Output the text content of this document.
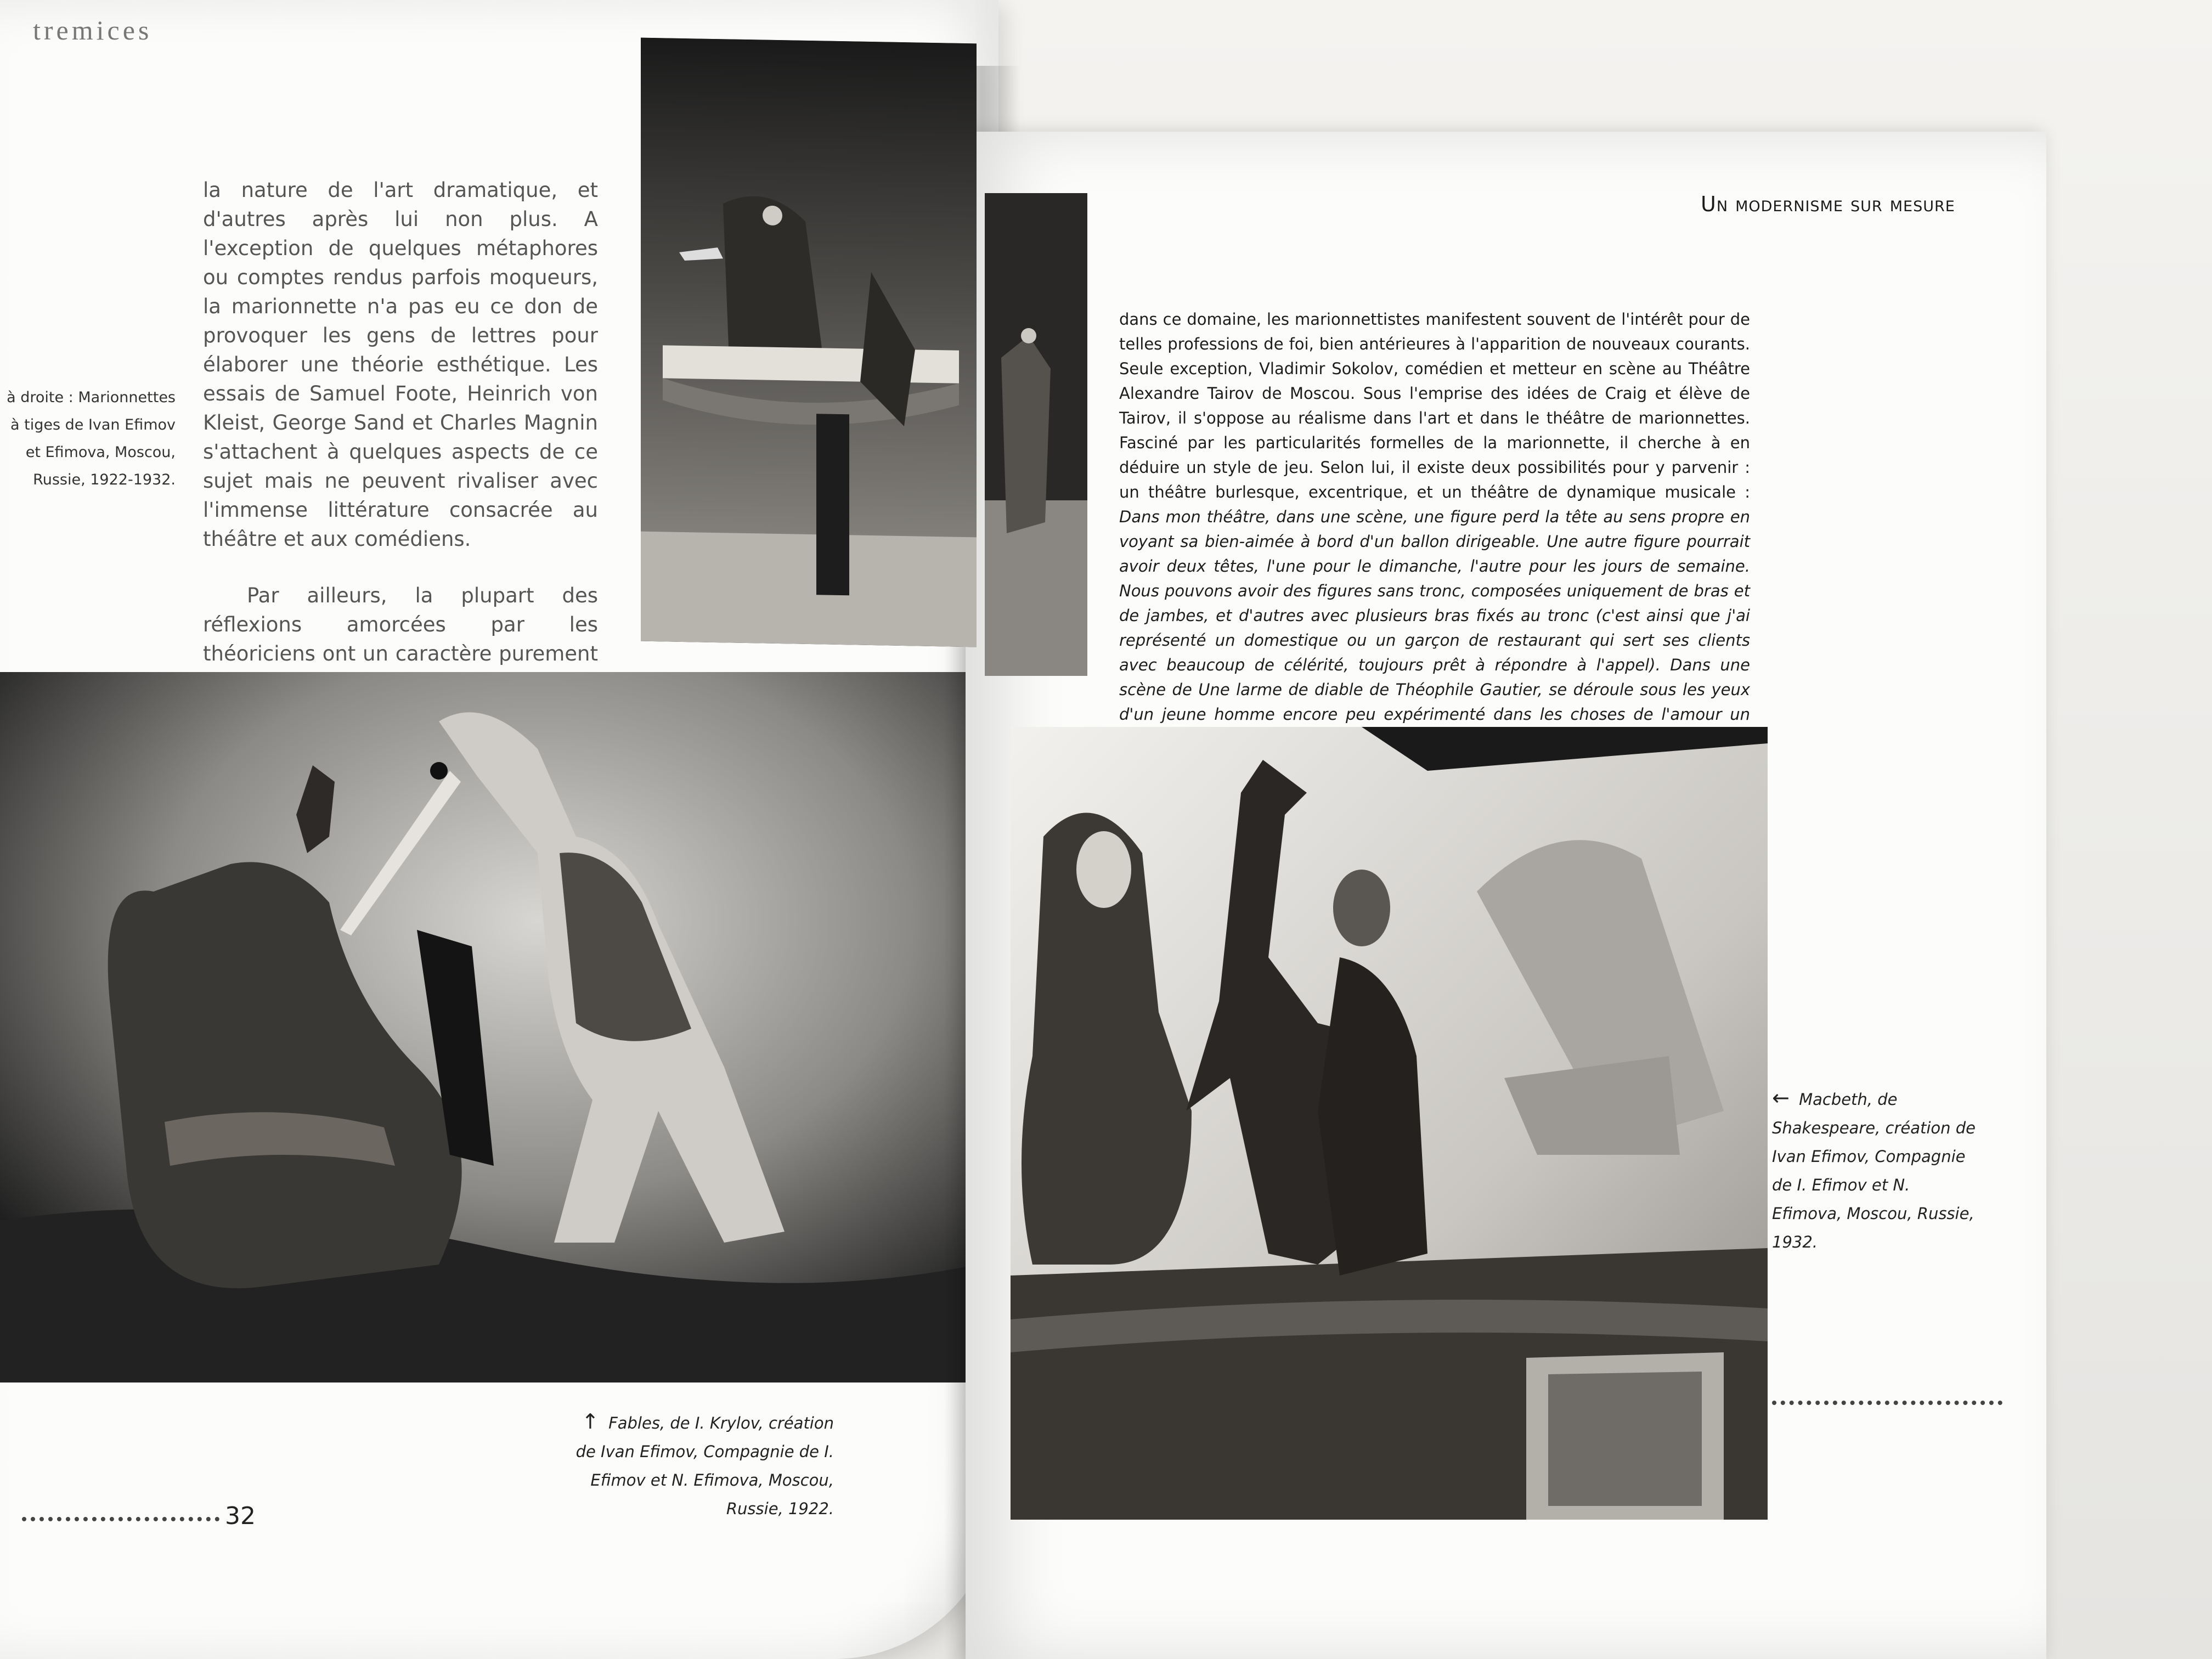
tremices
à droite : Marionnettes à tiges de Ivan Efimov et Efimova, Moscou, Russie, 1922-1932.

la nature de l'art dramatique, et d'autres après lui non plus. A l'exception de quelques métaphores ou comptes rendus parfois moqueurs, la marionnette n'a pas eu ce don de provoquer les gens de lettres pour élaborer une théorie esthétique. Les essais de Samuel Foote, Heinrich von Kleist, George Sand et Charles Magnin s'attachent à quelques aspects de ce sujet mais ne peuvent rivaliser avec l'immense littérature consacrée au théâtre et aux comédiens.

Par ailleurs, la plupart des réflexions amorcées par les théoriciens ont un caractère purement

↑ Fables, de I. Krylov, création de Ivan Efimov, Compagnie de I. Efimov et N. Efimova, Moscou, Russie, 1922.
32
Un modernisme sur mesure
dans ce domaine, les marionnettistes manifestent souvent de l'intérêt pour de telles professions de foi, bien antérieures à l'apparition de nouveaux courants. Seule exception, Vladimir Sokolov, comédien et metteur en scène au Théâtre Alexandre Tairov de Moscou. Sous l'emprise des idées de Craig et élève de Tairov, il s'oppose au réalisme dans l'art et dans le théâtre de marionnettes. Fasciné par les particularités formelles de la marionnette, il cherche à en déduire un style de jeu. Selon lui, il existe deux possibilités pour y parvenir : un théâtre burlesque, excentrique, et un théâtre de dynamique musicale : Dans mon théâtre, dans une scène, une figure perd la tête au sens propre en voyant sa bien-aimée à bord d'un ballon dirigeable. Une autre figure pourrait avoir deux têtes, l'une pour le dimanche, l'autre pour les jours de semaine. Nous pouvons avoir des figures sans tronc, composées uniquement de bras et de jambes, et d'autres avec plusieurs bras fixés au tronc (c'est ainsi que j'ai représenté un domestique ou un garçon de restaurant qui sert ses clients avec beaucoup de célérité, toujours prêt à répondre à l'appel). Dans une scène de Une larme de diable de Théophile Gautier, se déroule sous les yeux d'un jeune homme encore peu expérimenté dans les choses de l'amour un
← Macbeth, de Shakespeare, création de Ivan Efimov, Compagnie de I. Efimov et N. Efimova, Moscou, Russie, 1932.
